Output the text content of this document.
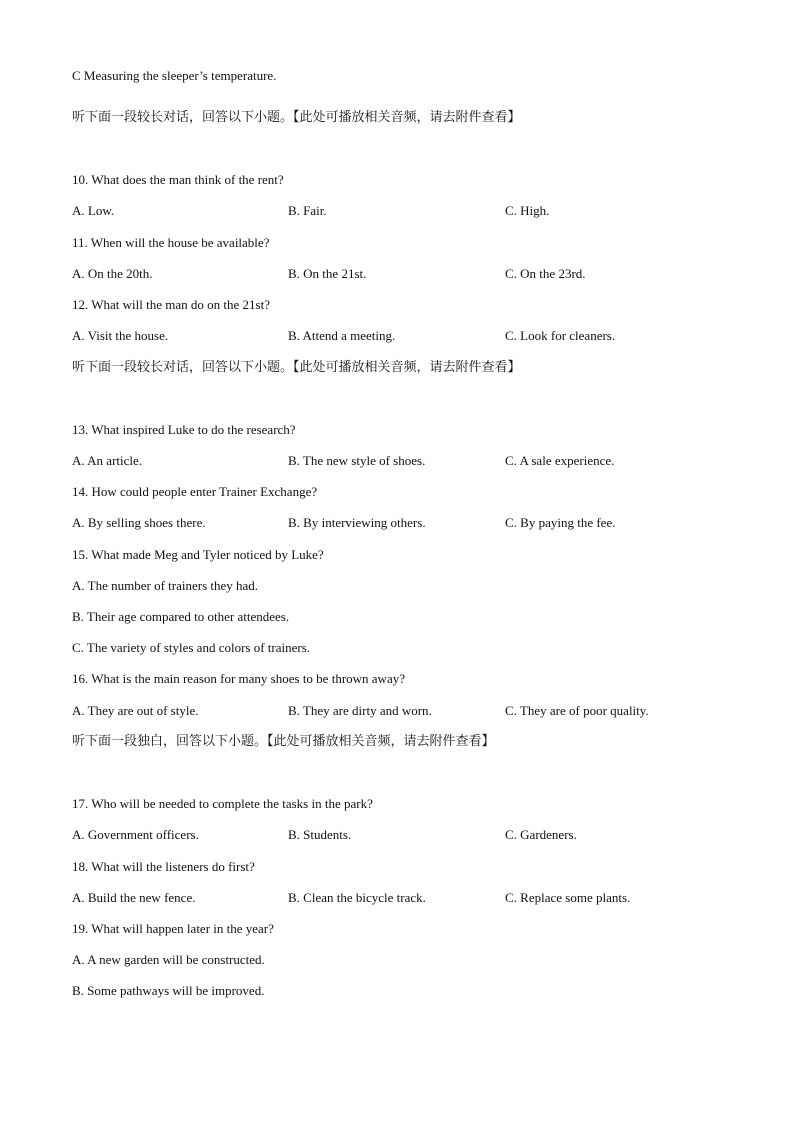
C Measuring the sleeper’s temperature.
听下面一段较长对话，回答以下小题。【此处可播放相关音频，请去附件查看】
10. What does the man think of the rent?
A. Low.	B. Fair.	C. High.
11. When will the house be available?
A. On the 20th.	B. On the 21st.	C. On the 23rd.
12. What will the man do on the 21st?
A. Visit the house.	B. Attend a meeting.	C. Look for cleaners.
听下面一段较长对话，回答以下小题。【此处可播放相关音频，请去附件查看】
13. What inspired Luke to do the research?
A. An article.	B. The new style of shoes.	C. A sale experience.
14. How could people enter Trainer Exchange?
A. By selling shoes there.	B. By interviewing others.	C. By paying the fee.
15. What made Meg and Tyler noticed by Luke?
A. The number of trainers they had.
B. Their age compared to other attendees.
C. The variety of styles and colors of trainers.
16. What is the main reason for many shoes to be thrown away?
A. They are out of style.	B. They are dirty and worn.	C. They are of poor quality.
听下面一段独白，回答以下小题。【此处可播放相关音频，请去附件查看】
17. Who will be needed to complete the tasks in the park?
A. Government officers.	B. Students.	C. Gardeners.
18. What will the listeners do first?
A. Build the new fence.	B. Clean the bicycle track.	C. Replace some plants.
19. What will happen later in the year?
A. A new garden will be constructed.
B. Some pathways will be improved.
